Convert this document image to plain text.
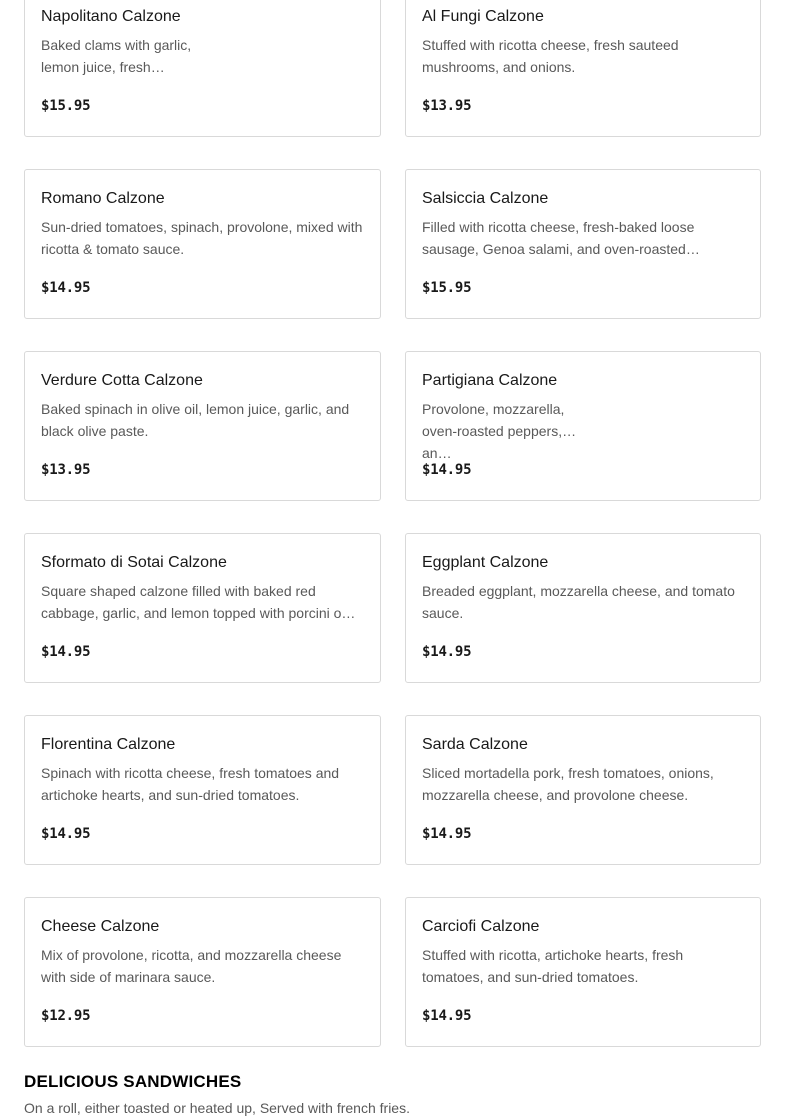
Napolitano Calzone
Baked clams with garlic, lemon juice, fresh…
$15.95
Al Fungi Calzone
Stuffed with ricotta cheese, fresh sauteed mushrooms, and onions.
$13.95
Romano Calzone
Sun-dried tomatoes, spinach, provolone, mixed with ricotta & tomato sauce.
$14.95
Salsiccia Calzone
Filled with ricotta cheese, fresh-baked loose sausage, Genoa salami, and oven-roasted…
$15.95
Verdure Cotta Calzone
Baked spinach in olive oil, lemon juice, garlic, and black olive paste.
$13.95
Partigiana Calzone
Provolone, mozzarella, oven-roasted peppers, an…
$14.95
Sformato di Sotai Calzone
Square shaped calzone filled with baked red cabbage, garlic, and lemon topped with porcini o…
$14.95
Eggplant Calzone
Breaded eggplant, mozzarella cheese, and tomato sauce.
$14.95
Florentina Calzone
Spinach with ricotta cheese, fresh tomatoes and artichoke hearts, and sun-dried tomatoes.
$14.95
Sarda Calzone
Sliced mortadella pork, fresh tomatoes, onions, mozzarella cheese, and provolone cheese.
$14.95
Cheese Calzone
Mix of provolone, ricotta, and mozzarella cheese with side of marinara sauce.
$12.95
Carciofi Calzone
Stuffed with ricotta, artichoke hearts, fresh tomatoes, and sun-dried tomatoes.
$14.95
DELICIOUS SANDWICHES
On a roll, either toasted or heated up, Served with french fries.
